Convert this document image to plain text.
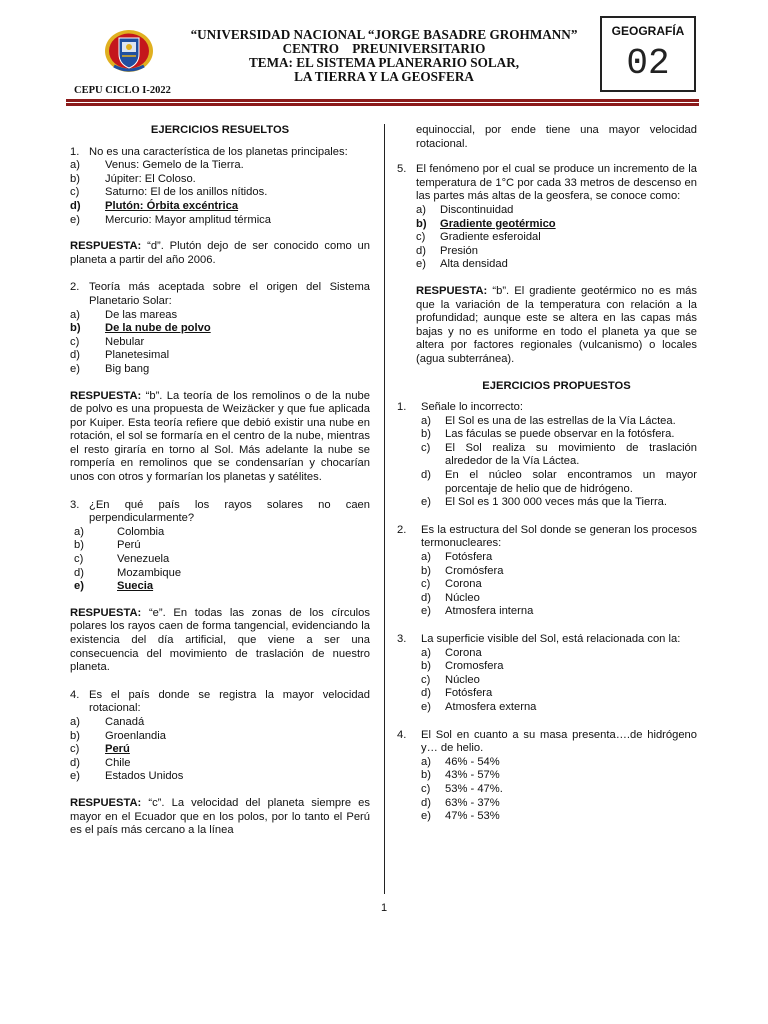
“UNIVERSIDAD NACIONAL “JORGE BASADRE GROHMANN”
CENTRO    PREUNIVERSITARIO
TEMA: EL SISTEMA PLANERARIO SOLAR,
LA TIERRA Y LA GEOSFERA
CEPU CICLO I-2022
GEOGRAFÍA
02
EJERCICIOS RESUELTOS
1. No es una característica de los planetas principales:
a)	Venus: Gemelo de la Tierra.
b)	Júpiter: El Coloso.
c)	Saturno: El de los anillos nítidos.
d)	Plutón: Órbita excéntrica
e)	Mercurio: Mayor amplitud térmica
RESPUESTA: “d”. Plutón dejo de ser conocido como un planeta a partir del año 2006.
2. Teoría más aceptada sobre el origen del Sistema Planetario Solar:
a)	De las mareas
b)	De la nube de polvo
c)	Nebular
d)	Planetesimal
e)	Big bang
RESPUESTA: “b”. La teoría de los remolinos o de la nube de polvo es una propuesta de Weizäcker y que fue aplicada por Kuiper. Esta teoría refiere que debió existir una nube en rotación, el sol se formaría en el centro de la nube, mientras el resto giraría en torno al Sol. Más adelante la nube se rompería en remolinos que se condensarían y chocarían unos con otros y formarían los planetas y satélites.
3. ¿En qué país los rayos solares no caen perpendicularmente?
a)	Colombia
b)	Perú
c)	Venezuela
d)	Mozambique
e)	Suecia
RESPUESTA: “e”. En todas las zonas de los círculos polares los rayos caen de forma tangencial, evidenciando la existencia del día artificial, que viene a ser una consecuencia del movimiento de traslación de nuestro planeta.
4. Es el país donde se registra la mayor velocidad rotacional:
a)	Canadá
b)	Groenlandia
c)	Perú
d)	Chile
e)	Estados Unidos
RESPUESTA: “c”. La velocidad del planeta siempre es mayor en el Ecuador que en los polos, por lo tanto el Perú es el país más cercano a la línea
equinoccial, por ende tiene una mayor velocidad rotacional.
5. El fenómeno por el cual se produce un incremento de la temperatura de 1°C por cada 33 metros de descenso en las partes más altas de la geosfera, se conoce como:
a)	Discontinuidad
b)	Gradiente geotérmico
c)	Gradiente esferoidal
d)	Presión
e)	Alta densidad
RESPUESTA: “b”. El gradiente geotérmico no es más que la variación de la temperatura con relación a la profundidad; aunque este se altera en las capas más bajas y no es uniforme en todo el planeta ya que se altera por factores regionales (vulcanismo) o locales (agua subterránea).
EJERCICIOS PROPUESTOS
1.	Señale lo incorrecto:
a)	El Sol es una de las estrellas de la Vía Láctea.
b)	Las fáculas se puede observar en la fotósfera.
c)	El Sol realiza su movimiento de traslación alrededor de la Vía Láctea.
d)	En el núcleo solar encontramos un mayor porcentaje de helio que de hidrógeno.
e)	El Sol es 1 300 000 veces más que la Tierra.
2.	Es la estructura del Sol donde se generan los procesos termonucleares:
a)	Fotósfera
b)	Cromósfera
c)	Corona
d)	Núcleo
e)	Atmosfera interna
3.	La superficie visible del Sol, está relacionada con la:
a)	Corona
b)	Cromosfera
c)	Núcleo
d)	Fotósfera
e)	Atmosfera externa
4.	El Sol en cuanto a su masa presenta….de hidrógeno y… de helio.
a)	46% - 54%
b)	43% - 57%
c)	53% - 47%.
d)	63% - 37%
e)	47% - 53%
1
